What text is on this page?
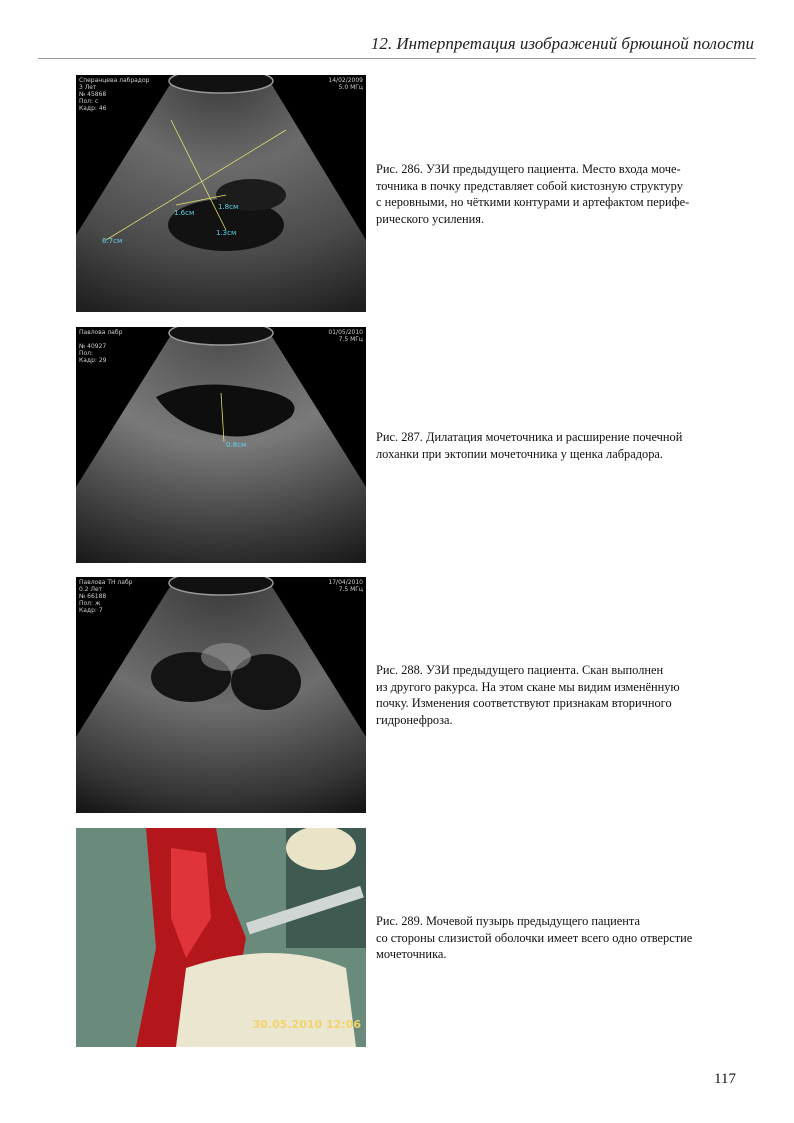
12. Интерпретация изображений брюшной полости
Сперанцева лабрадор
3 Лет
№ 45868
Пол: с
Кадр: 46
14/02/2009
5.0 МГц
6.7см
1.6см
1.3см
1.8см
Рис. 286. УЗИ предыдущего пациента. Место входа моче-
точника в почку представляет собой кистозную структуру
с неровными, но чёткими контурами и артефактом перифе-
рического усиления.
Павлова лабр
№ 40927
Пол:
Кадр: 29
01/05/2010
7.5 МГц
0.8см
Рис. 287. Дилатация мочеточника и расширение почечной
лоханки при эктопии мочеточника у щенка лабрадора.
Павлова ТН лабр
0.2 Лет
№ 66188
Пол: ж
Кадр: 7
17/04/2010
7.5 МГц
Рис. 288. УЗИ предыдущего пациента. Скан выполнен
из другого ракурса. На этом скане мы видим изменённую
почку. Изменения соответствуют признакам вторичного
гидронефроза.
30.05.2010 12:06
Рис. 289. Мочевой пузырь предыдущего пациента
со стороны слизистой оболочки имеет всего одно отверстие
мочеточника.
117
